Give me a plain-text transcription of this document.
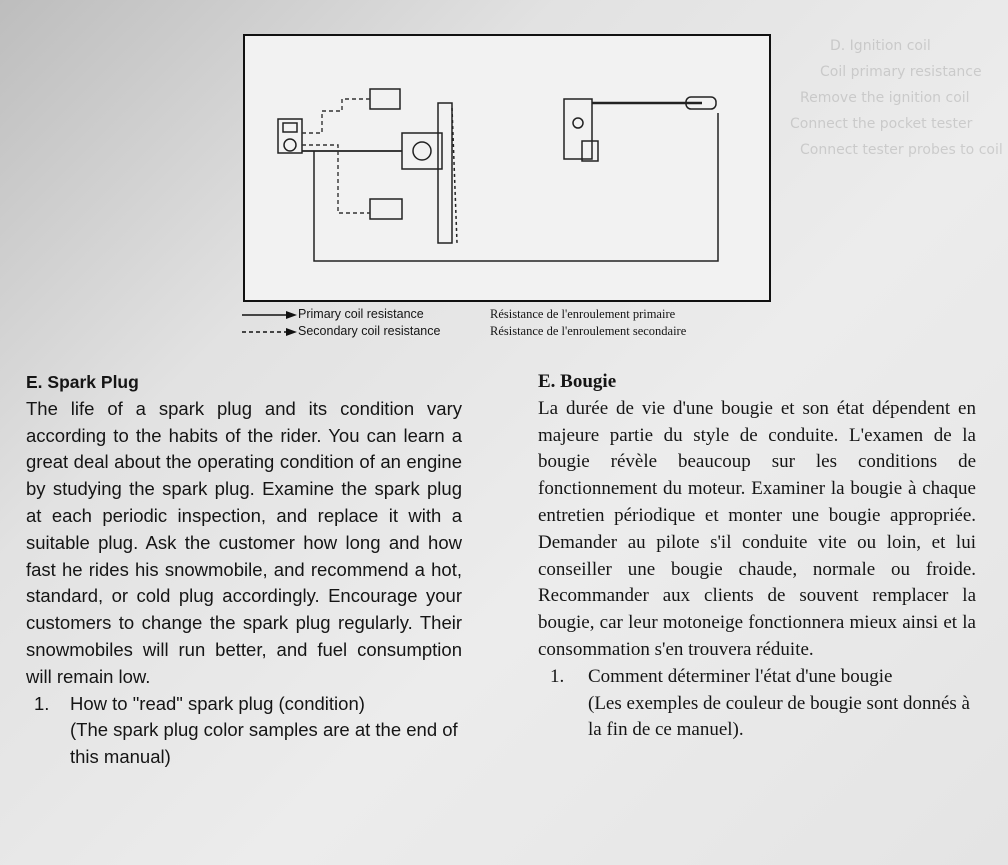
D. Ignition coil
Coil primary resistance
Remove the ignition coil
Connect the pocket tester
Connect tester probes to coil
Primary coil resistance	Résistance de l'enroulement primaire
Secondary coil resistance	Résistance de l'enroulement secondaire
E. Spark Plug
The life of a spark plug and its condition vary according to the habits of the rider. You can learn a great deal about the operating condition of an engine by studying the spark plug. Examine the spark plug at each periodic inspection, and replace it with a suitable plug. Ask the customer how long and how fast he rides his snowmobile, and recommend a hot, standard, or cold plug accordingly. Encourage your customers to change the spark plug regularly. Their snowmobiles will run better, and fuel consumption will remain low.
1.	How to "read" spark plug (condition)
(The spark plug color samples are at the end of this manual)
E. Bougie
La durée de vie d'une bougie et son état dépendent en majeure partie du style de conduite. L'examen de la bougie révèle beaucoup sur les conditions de fonctionnement du moteur. Examiner la bougie à chaque entretien périodique et monter une bougie appropriée. Demander au pilote s'il conduite vite ou loin, et lui conseiller une bougie chaude, normale ou froide. Recommander aux clients de souvent remplacer la bougie, car leur motoneige fonctionnera mieux ainsi et la consommation s'en trouvera réduite.
1.	Comment déterminer l'état d'une bougie
(Les exemples de couleur de bougie sont donnés à la fin de ce manuel).
